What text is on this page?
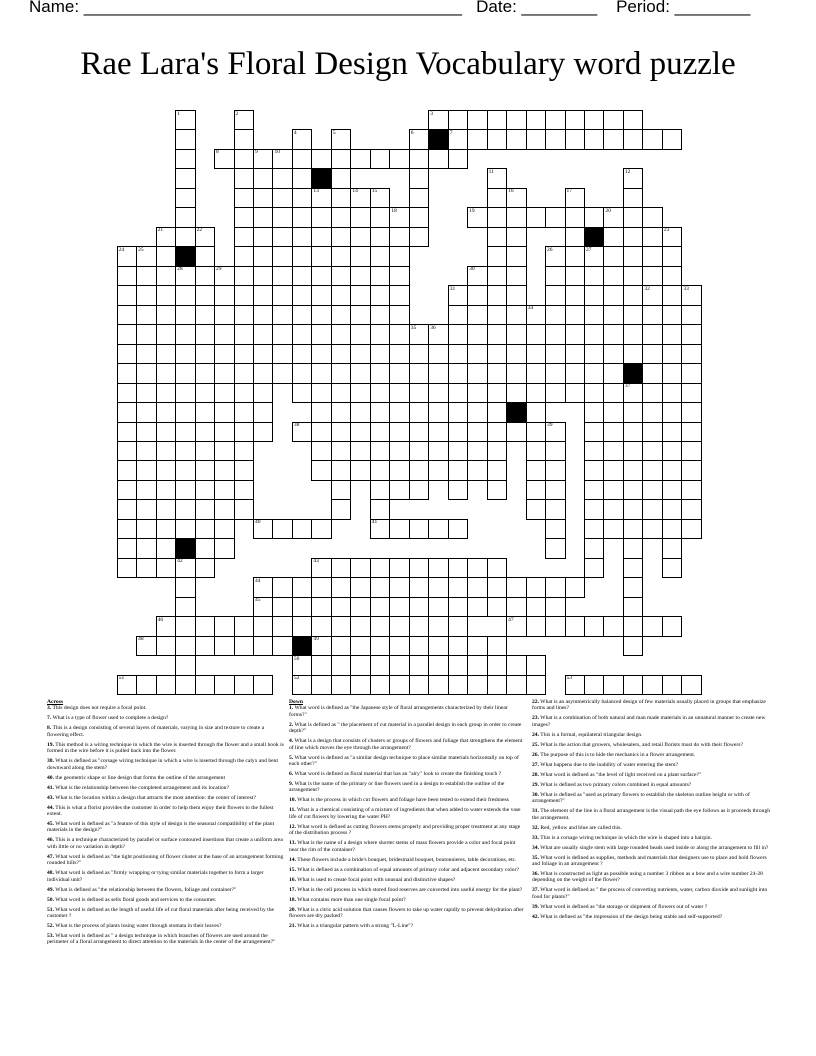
Name: ________________________________________ Date: ________ Period: ________
Rae Lara's Floral Design Vocabulary word puzzle
1	2	3
4	5	6	7
8	9	10
11	12
13	14	15	16	17
18	19	20
21	22	23
24	25	26	27
28	29	30
31	32	33
34
35	36
37
38	39
40	41
42	43
44
45
46	47
48	49
50
51	52	53
Across
3. This design does not require a focal point.
7. What is a type of flower used to complete a design?
8. This is a design consisting of several layers of materials, varying in size and texture to create a flowering effect.
19. This method is a wiring technique in which the wire is inserted through the flower and a small hook is formed in the wire before it is pulled back into the flower.
38. What is defined as "corsage wiring technique in which a wire is inserted through the calyx and bent downward along the stem?
40. the geometric shape or line design that forms the outline of the arrangement
41. What is the relationship between the completed arrangement and its location?
43. What is the location within a design that attracts the most attention: the center of interest?
44. This is what a florist provides the customer in order to help them enjoy their flowers to the fullest extent.
45. What word is defined as "a feature of this style of design is the seasonal compatibility of the plant materials in the design?"
46. This is a technique characterized by parallel or surface contoured insertions that create a uniform area with little or no variation in depth?
47. What word is defined as "the tight positioning of flower cluster at the base of an arrangement forming rounded hills?"
48. What word is defined as "firmly wrapping or tying similar materials together to form a larger individual unit?
49. What is defined as "the relationship between the flowers, foliage and container?"
50. What word is defined as sells floral goods and services to the consumer.
51. What word is defined as the length of useful life of cut floral materials after being received by the customer ?
52. What is the process of plants losing water through stomata in their leaves?
53. What word is defined as " a design technique in which branches of flowers are used around the perimeter of a floral arrangement to direct attention to the materials in the center of the arrangement?"
Down
1. What word is defined as "the Japanese style of floral arrangements characterized by their linear forms?"
2. What is defined as " the placement of cut material in a parallel design in each group in order to create depth?"
4. What is a design that consists of clusters or groups of flowers and foliage that strengthens the element of line which moves the eye through the arrangement?
5. What word is defined as "a similar design technique to place similar materials horizontally on top of each other?"
6. What word is defined as floral material that has an "airy" look to create the finishing touch ?
9. What is the name of the primary or line flowers used in a design to establish the outline of the arrangement?
10. What is the process in which cut flowers and foliage have been tested to extend their freshness
11. What is a chemical consisting of a mixture of ingredients that when added to water extends the vase life of cut flowers by lowering the water PH?
12. What word is defined as cutting flowers stems properly and providing proper treatment at any stage of the distribution process ?
13. What is the name of a design where shorter stems of mass flowers provide a color and focal point near the rim of the container?
14. These flowers include a bride's bouquet, bridesmaid bouquet, boutonnieres, table decorations, etc.
15. What is defined as a combination of equal amounts of primary color and adjacent secondary color?
16. What is used to create focal point with unusual and distinctive shapes?
17. What is the cell process in which stored food reserves are converted into useful energy for the plant?
18. What contains more than one single focal point?
20. What is a citric acid solution that causes flowers to take up water rapidly to prevent dehydration after flowers are dry packed?
21. What is a triangular pattern with a strong "L-Line"?
22. What is an asymmetrically balanced design of few materials usually placed in groups that emphasize forms and lines?
23. What is a combination of both natural and man made materials in an unnatural manner to create new images?
24. This is a formal, equilateral triangular design.
25. What is the action that growers, wholesalers, and retail florists must do with their flowers?
26. The purpose of this is to hide the mechanics in a flower arrangement.
27. What happens due to the inability of water entering the stem?
28. What word is defined as "the level of light received on a plant surface?"
29. What is defined as two primary colors combined in equal amounts?
30. What is defined as "used as primary flowers to establish the skeleton outline height or with of arrangement?"
31. The element of the line in a floral arrangement is the visual path the eye follows as it proceeds through the arrangement.
32. Red, yellow and blue are called this.
33. This is a corsage wiring technique in which the wire is shaped into a hairpin.
34. What are usually single stem with large rounded heads used inside or along the arrangement to fill in?
35. What word is defined as supplies, methods and materials that designers use to place and hold flowers and foliage in an arrangement ?
36. What is constructed as light as possible using a number 3 ribbon as a bow and a wire number 24-28 depending on the weight of the flower?
37. What word is defined as " the process of converting nutrients, water, carbon dioxide and sunlight into food for plants?"
39. What word is defined as "the storage or shipment of flowers out of water ?
42. What is defined as "the impression of the design being stable and self-supported?
